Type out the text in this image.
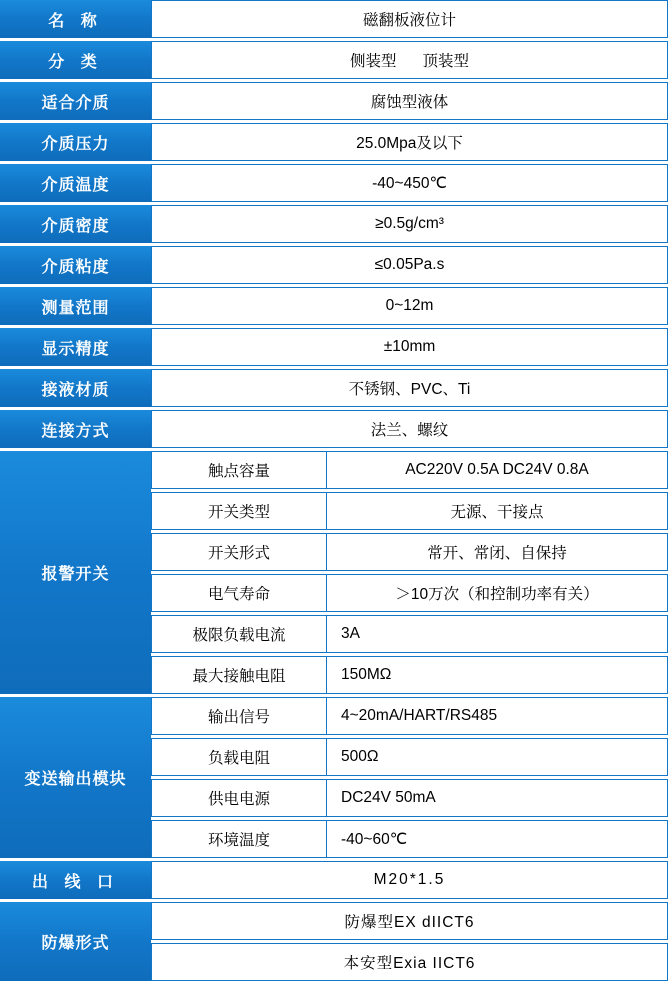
名 称	磁翻板液位计
分 类	侧装型 顶装型
适合介质	腐蚀型液体
介质压力	25.0Mpa及以下
介质温度	-40~450℃
介质密度	≥0.5g/cm³
介质粘度	≤0.05Pa.s
测量范围	0~12m
显示精度	±10mm
接液材质	不锈钢、PVC、Ti
连接方式	法兰、螺纹
报警开关
触点容量	AC220V 0.5A DC24V 0.8A
开关类型	无源、干接点
开关形式	常开、常闭、自保持
电气寿命	＞10万次（和控制功率有关）
极限负载电流	3A
最大接触电阻	150MΩ
变送输出模块
输出信号	4~20mA/HART/RS485
负载电阻	500Ω
供电电源	DC24V 50mA
环境温度	-40~60℃
出 线 口	M20*1.5
防爆形式
防爆型EX dIICT6
本安型Exia IICT6
